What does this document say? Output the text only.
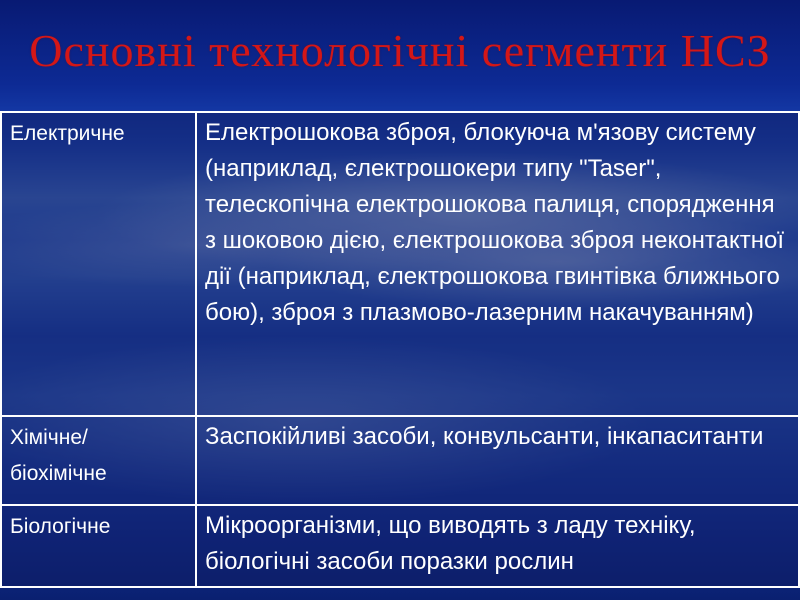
Основні технологічні сегменти НСЗ
Електричне	Електрошокова зброя, блокуюча м'язову систему (наприклад, єлектрошокери типу "Taser", телескопічна електрошокова палиця, спорядження з шоковою дією, єлектрошокова зброя неконтактної дії (наприклад, єлектрошокова гвинтівка ближнього бою), зброя з плазмово-лазерним накачуванням)
Хімічне/ біохімічне	Заспокійливі засоби, конвульсанти, інкапаситанти
Біологічне	Мікроорганізми, що виводять з ладу техніку, біологічні засоби поразки рослин
